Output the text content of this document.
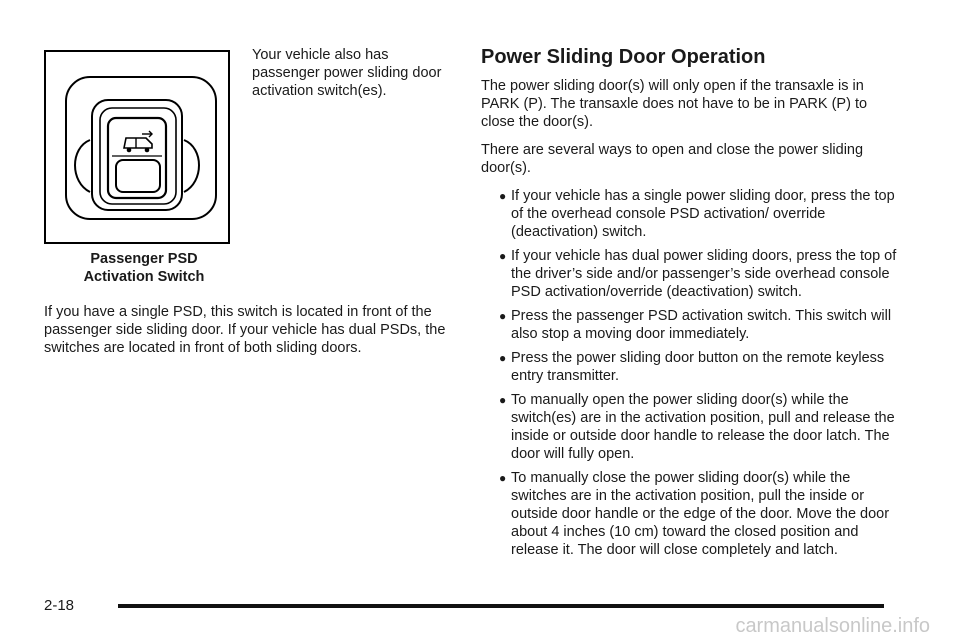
Passenger PSD
Activation Switch
Your vehicle also has passenger power sliding door activation switch(es).
If you have a single PSD, this switch is located in front of the passenger side sliding door. If your vehicle has dual PSDs, the switches are located in front of both sliding doors.
Power Sliding Door Operation

The power sliding door(s) will only open if the transaxle is in PARK (P). The transaxle does not have to be in PARK (P) to close the door(s).

There are several ways to open and close the power sliding door(s).

● If your vehicle has a single power sliding door, press the top of the overhead console PSD activation/ override (deactivation) switch.
● If your vehicle has dual power sliding doors, press the top of the driver’s side and/or passenger’s side overhead console PSD activation/override (deactivation) switch.
● Press the passenger PSD activation switch. This switch will also stop a moving door immediately.
● Press the power sliding door button on the remote keyless entry transmitter.
● To manually open the power sliding door(s) while the switch(es) are in the activation position, pull and release the inside or outside door handle to release the door latch. The door will fully open.
● To manually close the power sliding door(s) while the switches are in the activation position, pull the inside or outside door handle or the edge of the door. Move the door about 4 inches (10 cm) toward the closed position and release it. The door will close completely and latch.
2-18
carmanualsonline.info
